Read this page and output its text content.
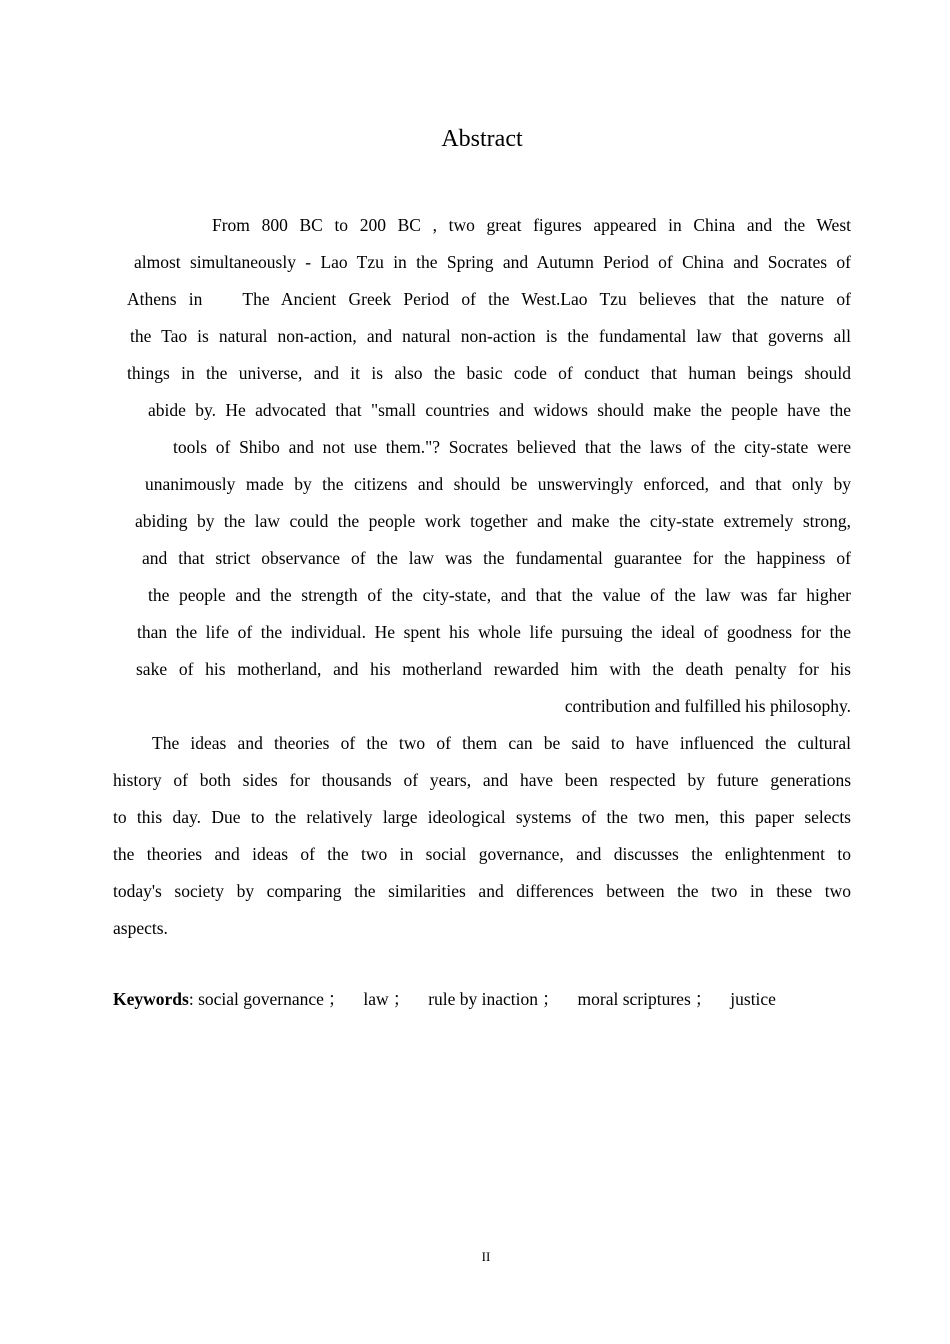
Abstract
From 800 BC to 200 BC , two great figures appeared in China and the West
almost simultaneously - Lao Tzu in the Spring and Autumn Period of China and Socrates of
Athens in The Ancient Greek Period of the West.Lao Tzu believes that the nature of
the Tao is natural non-action, and natural non-action is the fundamental law that governs all
things in the universe, and it is also the basic code of conduct that human beings should
abide by. He advocated that "small countries and widows should make the people have the
tools of Shibo and not use them."? Socrates believed that the laws of the city-state were
unanimously made by the citizens and should be unswervingly enforced, and that only by
abiding by the law could the people work together and make the city-state extremely strong,
and that strict observance of the law was the fundamental guarantee for the happiness of
the people and the strength of the city-state, and that the value of the law was far higher
than the life of the individual. He spent his whole life pursuing the ideal of goodness for the
sake of his motherland, and his motherland rewarded him with the death penalty for his
contribution and fulfilled his philosophy.
The ideas and theories of the two of them can be said to have influenced the cultural
history of both sides for thousands of years, and have been respected by future generations
to this day. Due to the relatively large ideological systems of the two men, this paper selects
the theories and ideas of the two in social governance, and discusses the enlightenment to
today's society by comparing the similarities and differences between the two in these two
aspects.

Keywords: social governance ； law ； rule by inaction ； moral scriptures ； justice

II
